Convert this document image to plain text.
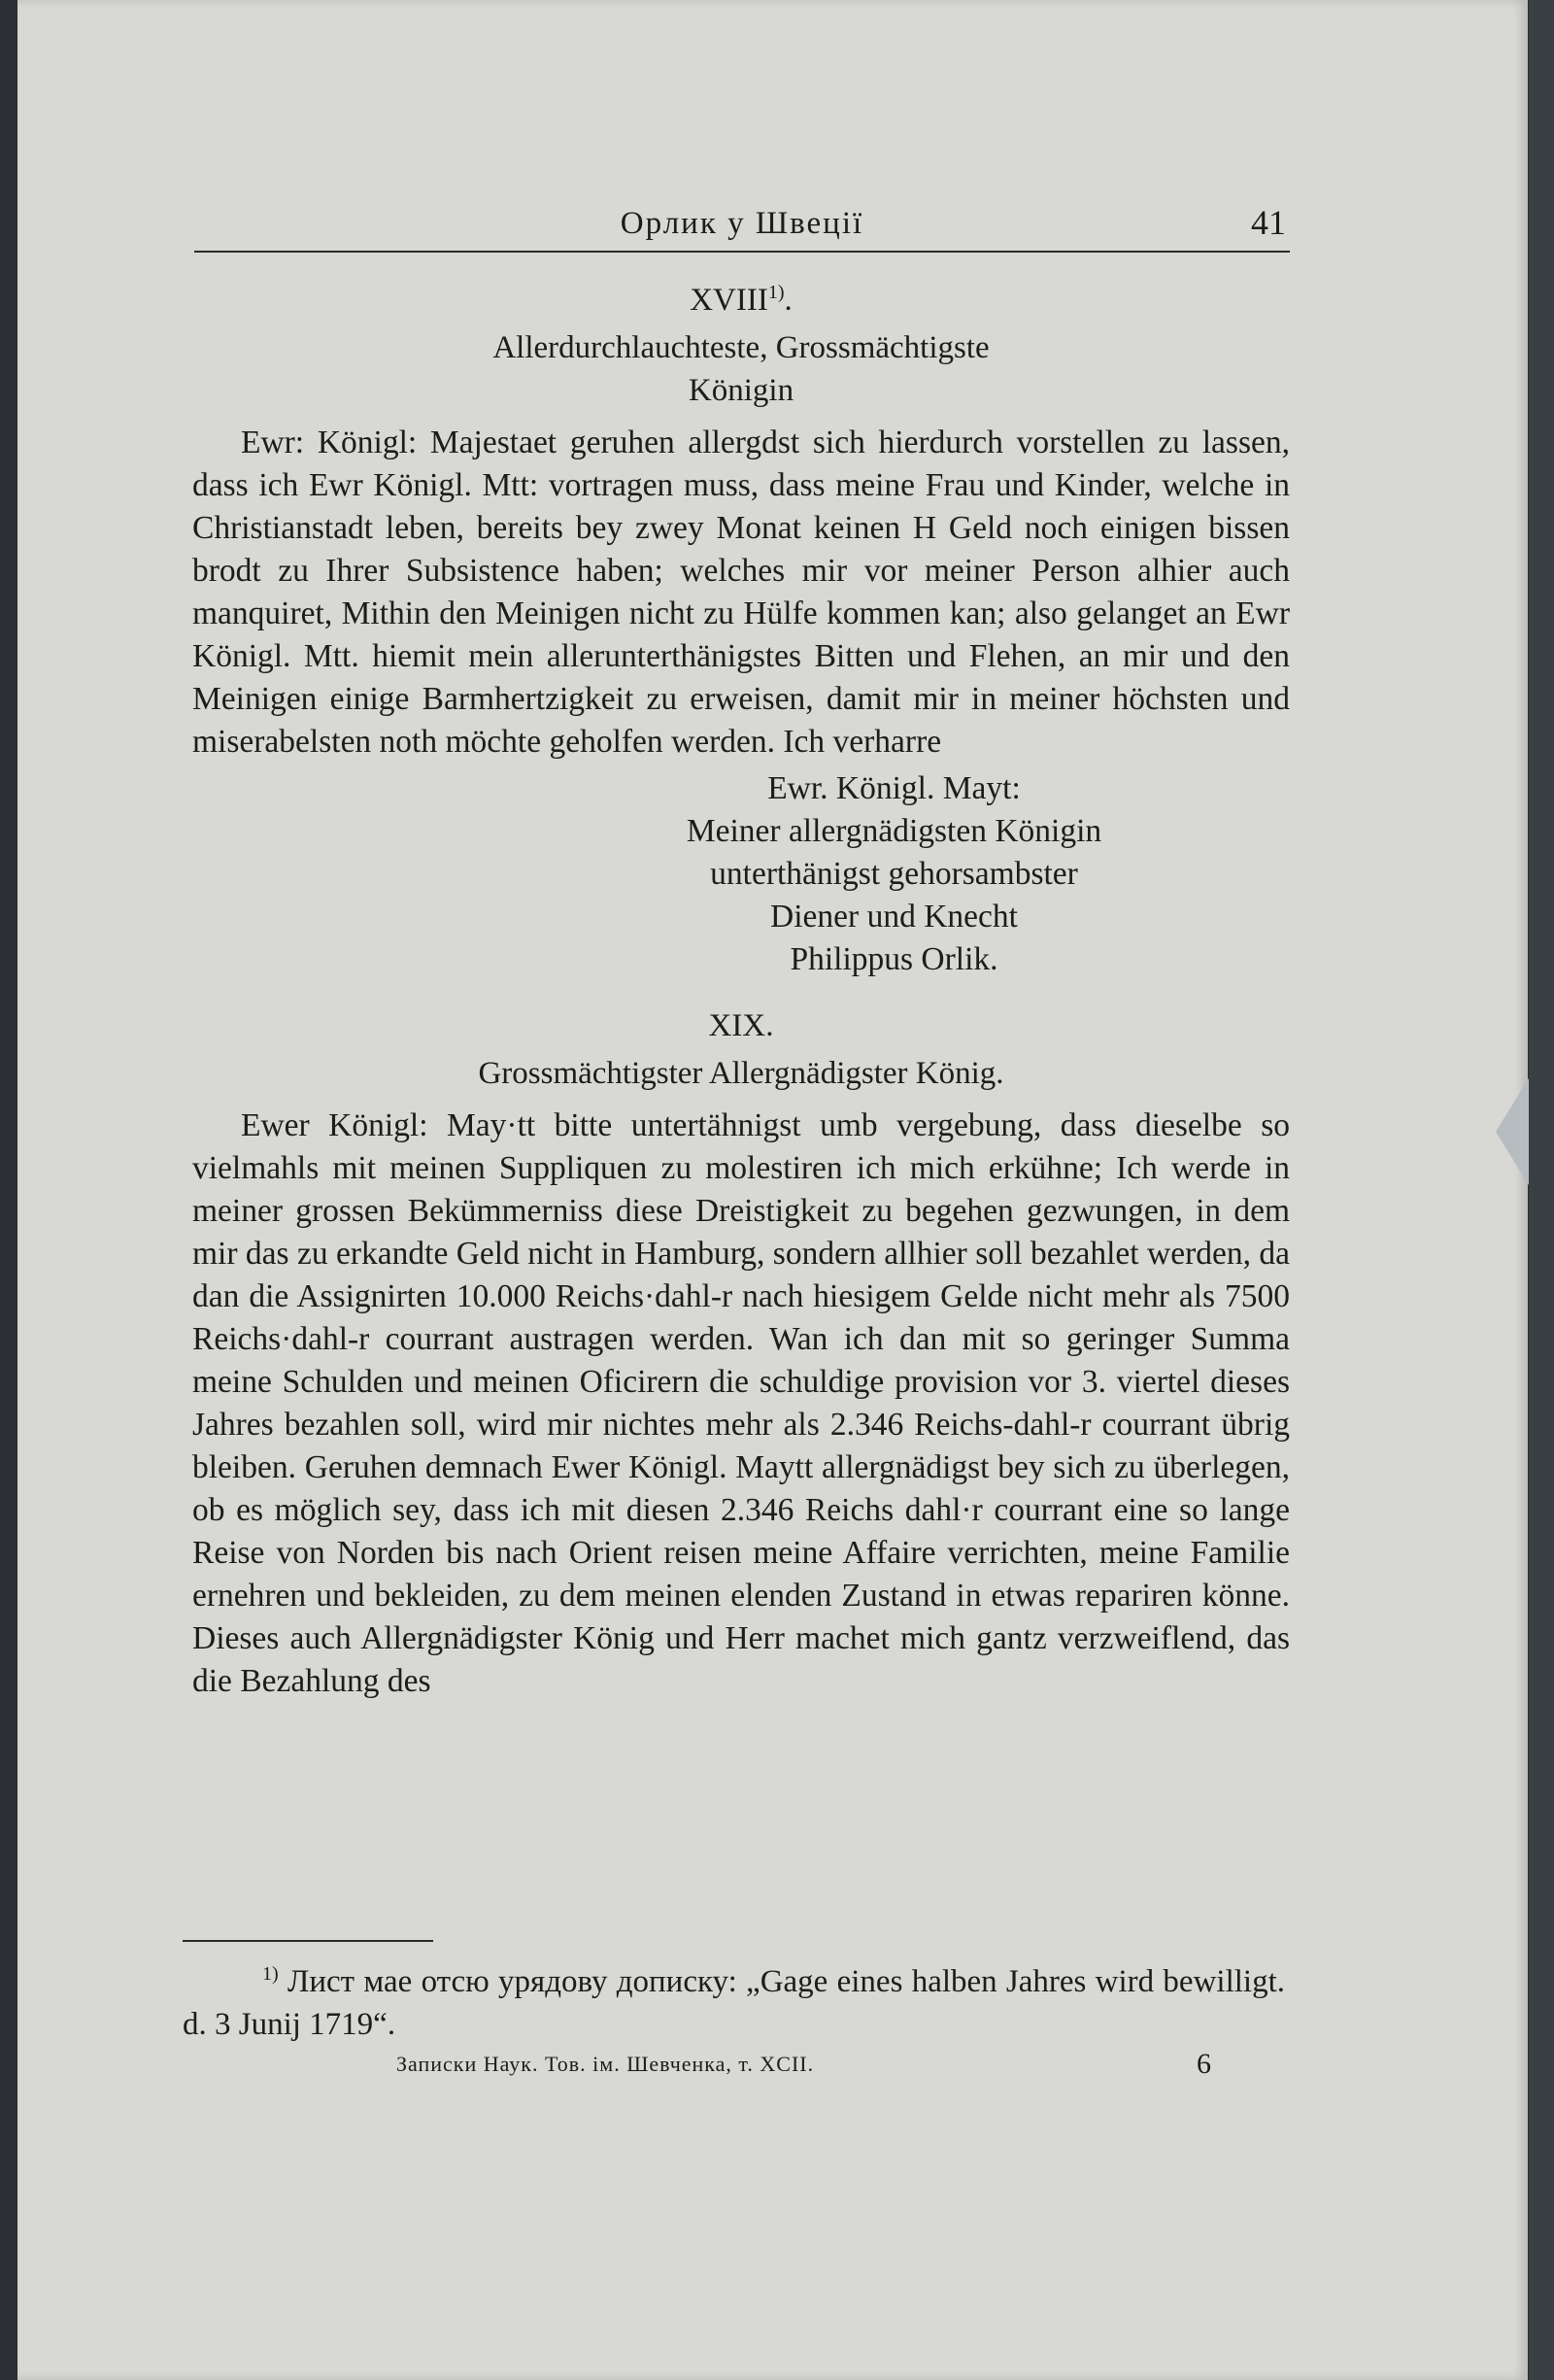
Орлик у Швеції	41
XVIII$^{1)}$.
Allerdurchlauchteste, Grossmächtigste
Königin

Ewr: Königl: Majestaet geruhen allergdst sich hierdurch vorstellen zu lassen, dass ich Ewr Königl. Mtt: vortragen muss, dass meine Frau und Kinder, welche in Christianstadt leben, bereits bey zwey Monat keinen H Geld noch einigen bissen brodt zu Ihrer Subsistence haben; welches mir vor meiner Person alhier auch manquiret, Mithin den Meinigen nicht zu Hülfe kommen kan; also gelanget an Ewr Königl. Mtt. hiemit mein allerunterthänigstes Bitten und Flehen, an mir und den Meinigen einige Barmhertzigkeit zu erweisen, damit mir in meiner höchsten und miserabelsten noth möchte geholfen werden. Ich verharre

Ewr. Königl. Mayt:
Meiner allergnädigsten Königin
unterthänigst gehorsambster
Diener und Knecht
Philippus Orlik.
XIX.
Grossmächtigster Allergnädigster König.

Ewer Königl: May·tt bitte untertähnigst umb vergebung, dass dieselbe so vielmahls mit meinen Suppliquen zu molestiren ich mich erkühne; Ich werde in meiner grossen Bekümmerniss diese Dreistigkeit zu begehen gezwungen, in dem mir das zu erkandte Geld nicht in Hamburg, sondern allhier soll bezahlet werden, da dan die Assignirten 10.000 Reichs·dahl-r nach hiesigem Gelde nicht mehr als 7500 Reichs·dahl-r courrant austragen werden. Wan ich dan mit so geringer Summa meine Schulden und meinen Oficirern die schuldige provision vor 3. viertel dieses Jahres bezahlen soll, wird mir nichtes mehr als 2.346 Reichs-dahl-r courrant übrig bleiben. Geruhen demnach Ewer Königl. Maytt allergnädigst bey sich zu überlegen, ob es möglich sey, dass ich mit diesen 2.346 Reichs dahl·r courrant eine so lange Reise von Norden bis nach Orient reisen meine Affaire verrichten, meine Familie ernehren und bekleiden, zu dem meinen elenden Zustand in etwas repariren könne. Dieses auch Allergnädigster König und Herr machet mich gantz verzweiflend, das die Bezahlung des

$^{1)}$ Лист мае отсю урядову дописку: „Gage eines halben Jahres wird bewilligt. d. 3 Junij 1719“.
Записки Наук. Тов. ім. Шевченка, т. XCII.	6
